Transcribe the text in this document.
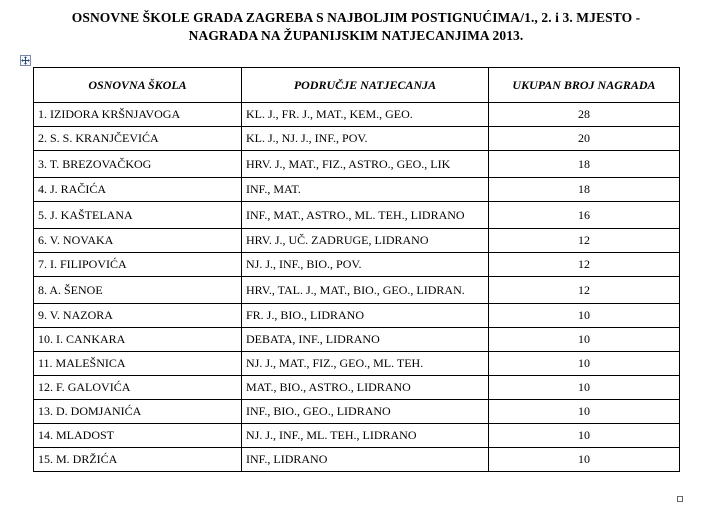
OSNOVNE ŠKOLE GRADA ZAGREBA S NAJBOLJIM POSTIGNUĆIMA/1., 2. i 3. MJESTO -
NAGRADA NA ŽUPANIJSKIM NATJECANJIMA 2013.
OSNOVNA ŠKOLA	PODRUČJE NATJECANJA	UKUPAN BROJ NAGRADA
1. IZIDORA KRŠNJAVOGA	KL. J., FR. J., MAT., KEM., GEO.	28
2. S. S. KRANJČEVIĆA	KL. J., NJ. J., INF., POV.	20
3. T. BREZOVAČKOG	HRV. J., MAT., FIZ., ASTRO., GEO., LIK	18
4. J. RAČIĆA	INF., MAT.	18
5. J. KAŠTELANA	INF., MAT., ASTRO., ML. TEH., LIDRANO	16
6. V. NOVAKA	HRV. J., UČ. ZADRUGE, LIDRANO	12
7. I. FILIPOVIĆA	NJ. J., INF., BIO., POV.	12
8. A. ŠENOE	HRV., TAL. J., MAT., BIO., GEO., LIDRAN.	12
9. V. NAZORA	FR. J., BIO., LIDRANO	10
10. I. CANKARA	DEBATA, INF., LIDRANO	10
11. MALEŠNICA	NJ. J., MAT., FIZ., GEO., ML. TEH.	10
12. F. GALOVIĆA	MAT., BIO., ASTRO., LIDRANO	10
13. D. DOMJANIĆA	INF., BIO., GEO., LIDRANO	10
14. MLADOST	NJ. J., INF., ML. TEH., LIDRANO	10
15. M. DRŽIĆA	INF., LIDRANO	10
